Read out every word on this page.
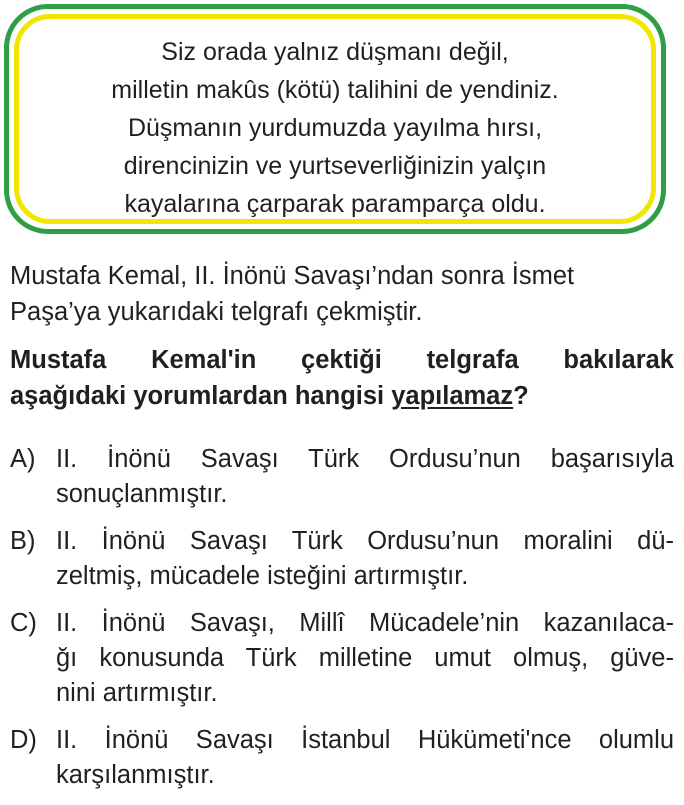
Siz orada yalnız düşmanı değil,
milletin makûs (kötü) talihini de yendiniz.
Düşmanın yurdumuzda yayılma hırsı,
direncinizin ve yurtseverliğinizin yalçın
kayalarına çarparak paramparça oldu.

Mustafa Kemal, II. İnönü Savaşı’ndan sonra İsmet
Paşa’ya yukarıdaki telgrafı çekmiştir.

Mustafa Kemal'in çektiği telgrafa bakılarak
aşağıdaki yorumlardan hangisi yapılamaz?

A) II. İnönü Savaşı Türk Ordusu’nun başarısıyla
sonuçlanmıştır.
B) II. İnönü Savaşı Türk Ordusu’nun moralini dü-
zeltmiş, mücadele isteğini artırmıştır.
C) II. İnönü Savaşı, Millî Mücadele’nin kazanılaca-
ğı konusunda Türk milletine umut olmuş, güve-
nini artırmıştır.
D) II. İnönü Savaşı İstanbul Hükümeti'nce olumlu
karşılanmıştır.
